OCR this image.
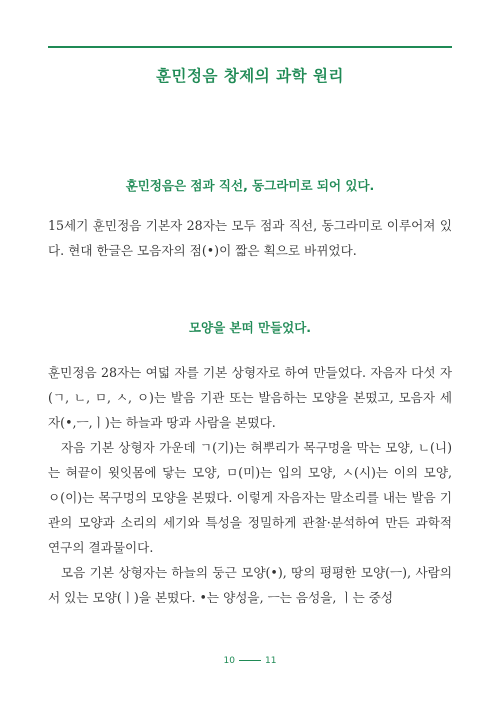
훈민정음 창제의 과학 원리
훈민정음은 점과 직선, 동그라미로 되어 있다.

15세기 훈민정음 기본자 28자는 모두 점과 직선, 동그라미로 이루어져 있다. 현대 한글은 모음자의 점(•)이 짧은 획으로 바뀌었다.

모양을 본떠 만들었다.

훈민정음 28자는 여덟 자를 기본 상형자로 하여 만들었다. 자음자 다섯 자(ㄱ, ㄴ, ㅁ, ㅅ, ㅇ)는 발음 기관 또는 발음하는 모양을 본떴고, 모음자 세 자(•,ㅡ,ㅣ)는 하늘과 땅과 사람을 본떴다.

자음 기본 상형자 가운데 ㄱ(기)는 혀뿌리가 목구멍을 막는 모양, ㄴ(니)는 혀끝이 윗잇몸에 닿는 모양, ㅁ(미)는 입의 모양, ㅅ(시)는 이의 모양, ㅇ(이)는 목구멍의 모양을 본떴다. 이렇게 자음자는 말소리를 내는 발음 기관의 모양과 소리의 세기와 특성을 정밀하게 관찰·분석하여 만든 과학적 연구의 결과물이다.

모음 기본 상형자는 하늘의 둥근 모양(•), 땅의 평평한 모양(ㅡ), 사람의 서 있는 모양(ㅣ)을 본떴다. •는 양성을, ㅡ는 음성을, ㅣ는 중성

10	11
